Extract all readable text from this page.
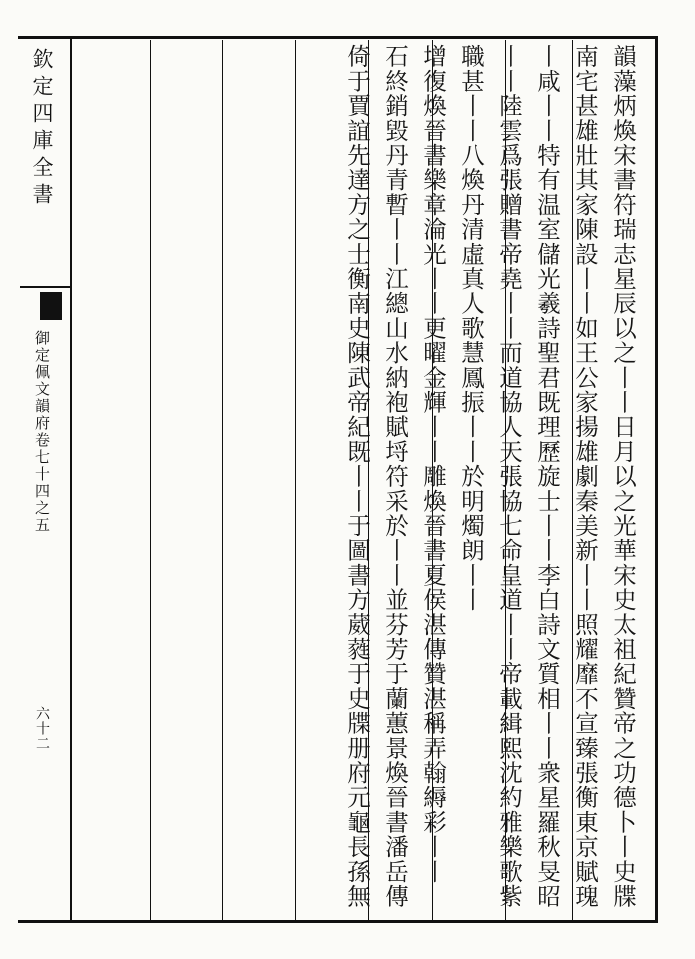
欽定四庫全書
御定佩文韻府卷七十四之五
六十二
韻藻炳煥宋書符瑞志星辰以之丨丨日月以之光華宋史太祖紀贊帝之功德卜丨史牒
南宅甚雄壯其家陳設丨丨如王公家揚雄劇秦美新丨丨照耀靡不宣臻張衡東京賦瑰
丨咸丨丨特有温室儲光羲詩聖君既理歷旋士丨丨李白詩文質相丨丨衆星羅秋旻昭
丨丨陸雲爲張贈書帝堯丨丨而道協人天張協七命皇道丨丨帝載緝熙沈約雅樂歌紫
職甚丨丨八煥丹清虛真人歌慧鳳振丨丨於明燭朗丨丨
增復煥晉書樂章淪光丨丨更曜金輝丨丨雕煥晉書夏侯湛傳贊湛稱弄翰縟彩丨丨
石終銷毀丹青暫丨丨江總山水納袍賦埒符采於丨丨並芬芳于蘭蕙景煥晉書潘岳傳
倚于賈誼先達方之士衡南史陳武帝紀既丨丨于圖書方葳蕤于史牒册府元龜長孫無
